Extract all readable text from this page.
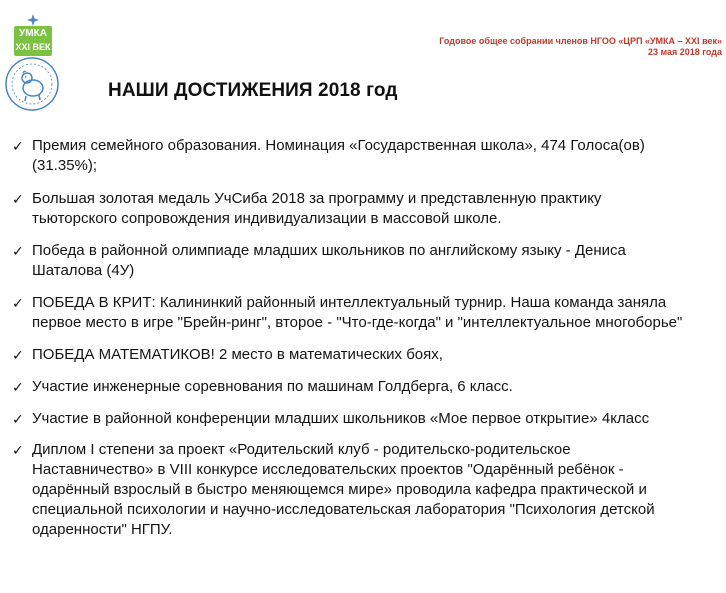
УМКА
XXI ВЕК
Годовое общее собрании членов НГОО «ЦРП «УМКА – XXI век»
23 мая 2018 года
НАШИ ДОСТИЖЕНИЯ 2018 год
✓ Премия семейного образования. Номинация «Государственная школа», 474 Голоса(ов)
(31.35%);
✓ Большая золотая медаль УчСиба 2018 за программу и представленную практику
тьюторского сопровождения индивидуализации в массовой школе.
✓ Победа в районной олимпиаде младших школьников по английскому языку - Дениса
Шаталова (4У)
✓ ПОБЕДА В КРИТ: Калининкий районный интеллектуальный турнир. Наша команда заняла
первое место в игре "Брейн-ринг", второе - "Что-где-когда" и "интеллектуальное многоборье"
✓ ПОБЕДА МАТЕМАТИКОВ! 2 место в математических боях,
✓ Участие инженерные соревнования по машинам Голдберга, 6 класс.
✓ Участие в районной конференции младших школьников «Мое первое открытие» 4класс
✓ Диплом I степени за проект «Родительский клуб - родительско-родительское
Наставничество» в VIII конкурсе исследовательских проектов "Одарённый ребёнок -
одарённый взрослый в быстро меняющемся мире» проводила кафедра практической и
специальной психологии и научно-исследовательская лаборатория "Психология детской
одаренности" НГПУ.
